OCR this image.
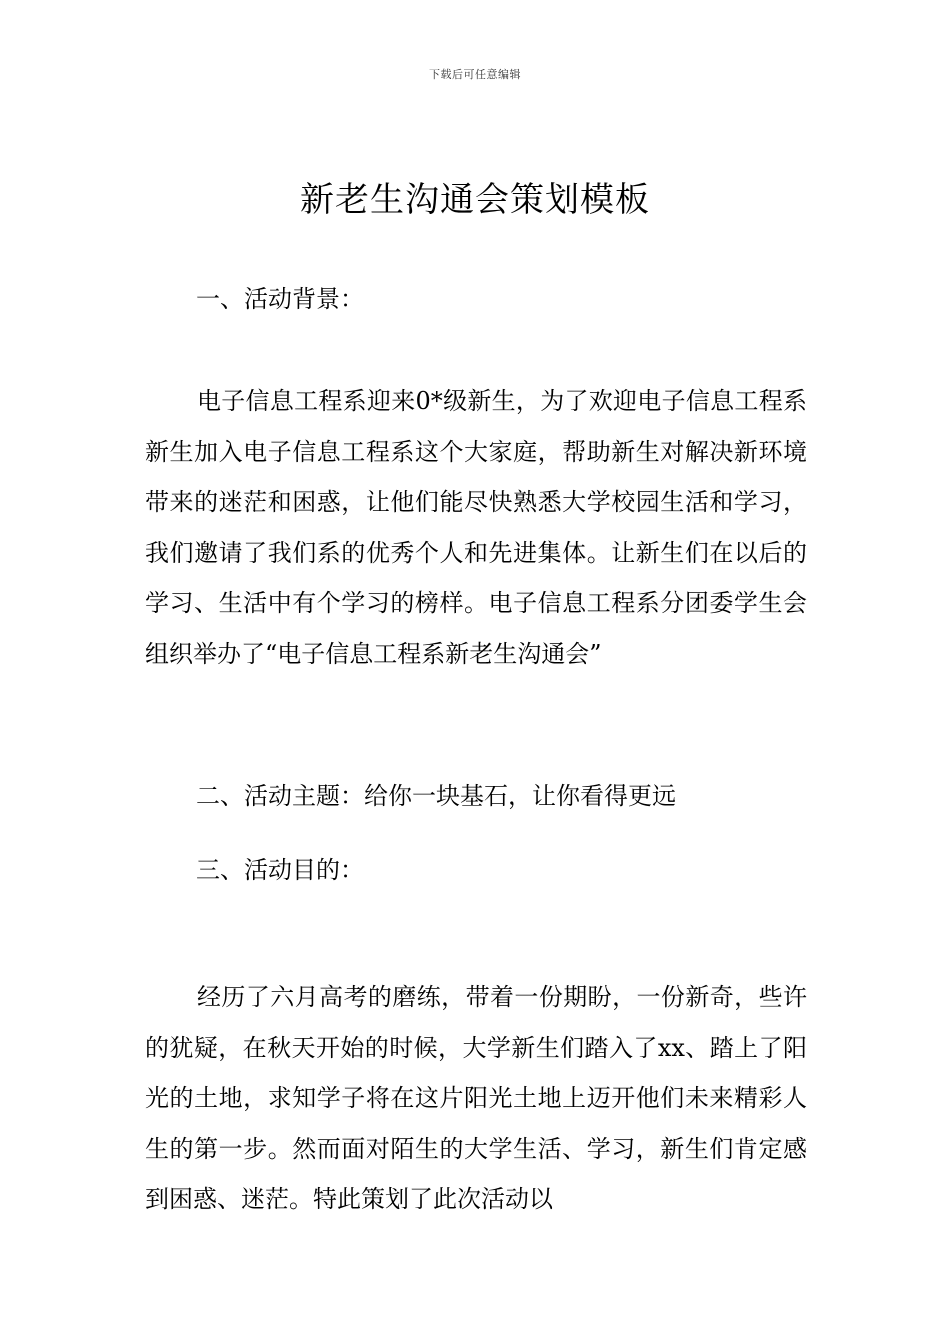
下载后可任意编辑
新老生沟通会策划模板
一、活动背景：

电子信息工程系迎来0*级新生，为了欢迎电子信息工程系新生加入电子信息工程系这个大家庭，帮助新生对解决新环境带来的迷茫和困惑，让他们能尽快熟悉大学校园生活和学习，我们邀请了我们系的优秀个人和先进集体。让新生们在以后的学习、生活中有个学习的榜样。电子信息工程系分团委学生会组织举办了“电子信息工程系新老生沟通会”

二、活动主题：给你一块基石，让你看得更远
三、活动目的：

经历了六月高考的磨练，带着一份期盼，一份新奇，些许的犹疑，在秋天开始的时候，大学新生们踏入了xx、踏上了阳光的土地，求知学子将在这片阳光土地上迈开他们未来精彩人生的第一步。然而面对陌生的大学生活、学习，新生们肯定感到困惑、迷茫。特此策划了此次活动以
